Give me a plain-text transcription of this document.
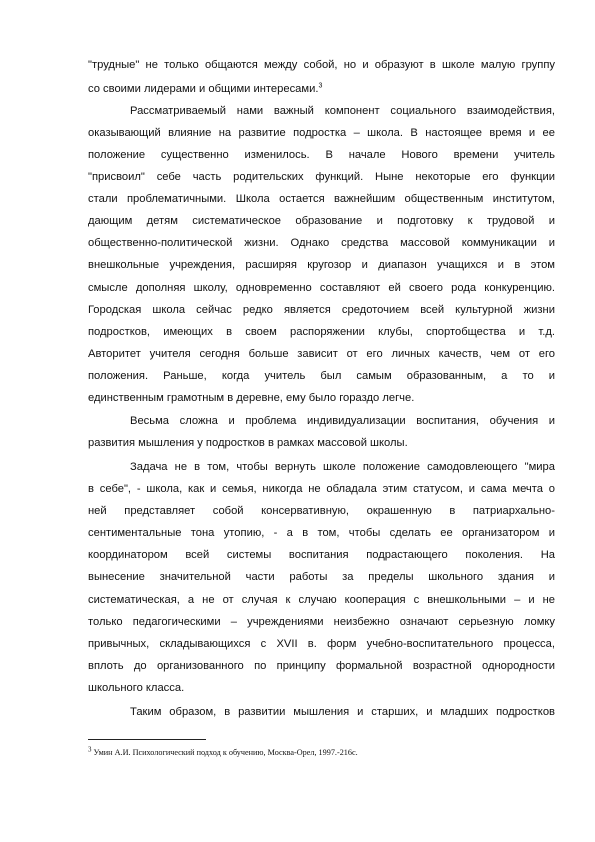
"трудные" не только общаются между собой, но и образуют в школе малую группу
со своими лидерами и общими интересами.$^3$
Рассматриваемый нами важный компонент социального взаимодействия,
оказывающий влияние на развитие подростка – школа. В настоящее время и ее
положение существенно изменилось. В начале Нового времени учитель
"присвоил" себе часть родительских функций. Ныне некоторые его функции
стали проблематичными. Школа остается важнейшим общественным институтом,
дающим детям систематическое образование и подготовку к трудовой и
общественно-политической жизни. Однако средства массовой коммуникации и
внешкольные учреждения, расширяя кругозор и диапазон учащихся и в этом
смысле дополняя школу, одновременно составляют ей своего рода конкуренцию.
Городская школа сейчас редко является средоточием всей культурной жизни
подростков, имеющих в своем распоряжении клубы, спортобщества и т.д.
Авторитет учителя сегодня больше зависит от его личных качеств, чем от его
положения. Раньше, когда учитель был самым образованным, а то и
единственным грамотным в деревне, ему было гораздо легче.
Весьма сложна и проблема индивидуализации воспитания, обучения и
развития мышления у подростков в рамках массовой школы.
Задача не в том, чтобы вернуть школе положение самодовлеющего "мира
в себе", - школа, как и семья, никогда не обладала этим статусом, и сама мечта о
ней представляет собой консервативную, окрашенную в патриархально-
сентиментальные тона утопию, - а в том, чтобы сделать ее организатором и
координатором всей системы воспитания подрастающего поколения. На
вынесение значительной части работы за пределы школьного здания и
систематическая, а не от случая к случаю кооперация с внешкольными – и не
только педагогическими – учреждениями неизбежно означают серьезную ломку
привычных, складывающихся с XVII в. форм учебно-воспитательного процесса,
вплоть до организованного по принципу формальной возрастной однородности
школьного класса.
Таким образом, в развитии мышления и старших, и младших подростков
$^3$ Умин А.И. Психологический подход к обучению, Москва-Орел, 1997.-216с.
